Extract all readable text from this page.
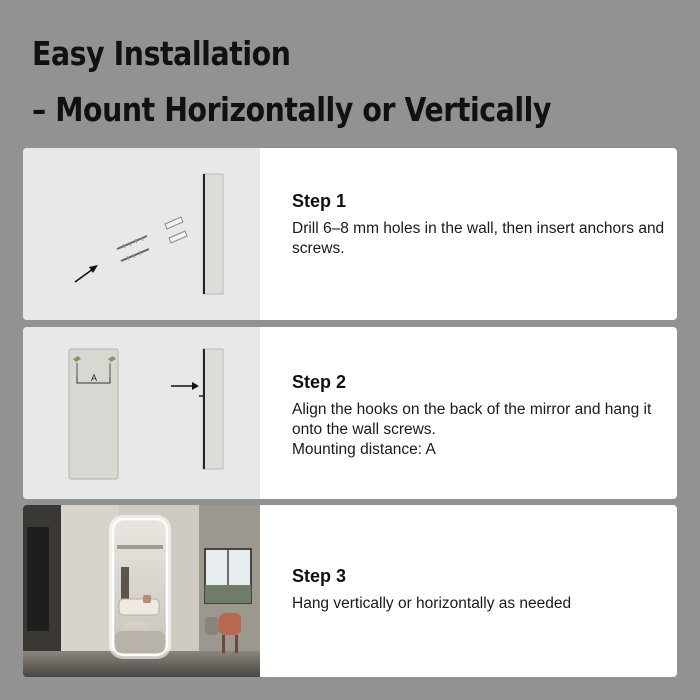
Easy Installation
– Mount Horizontally or Vertically
Step 1
Drill 6–8 mm holes in the wall, then insert anchors and screws.
A	Step 2
Align the hooks on the back of the mirror and hang it onto the wall screws.
Mounting distance: A
Step 3
Hang vertically or horizontally as needed
